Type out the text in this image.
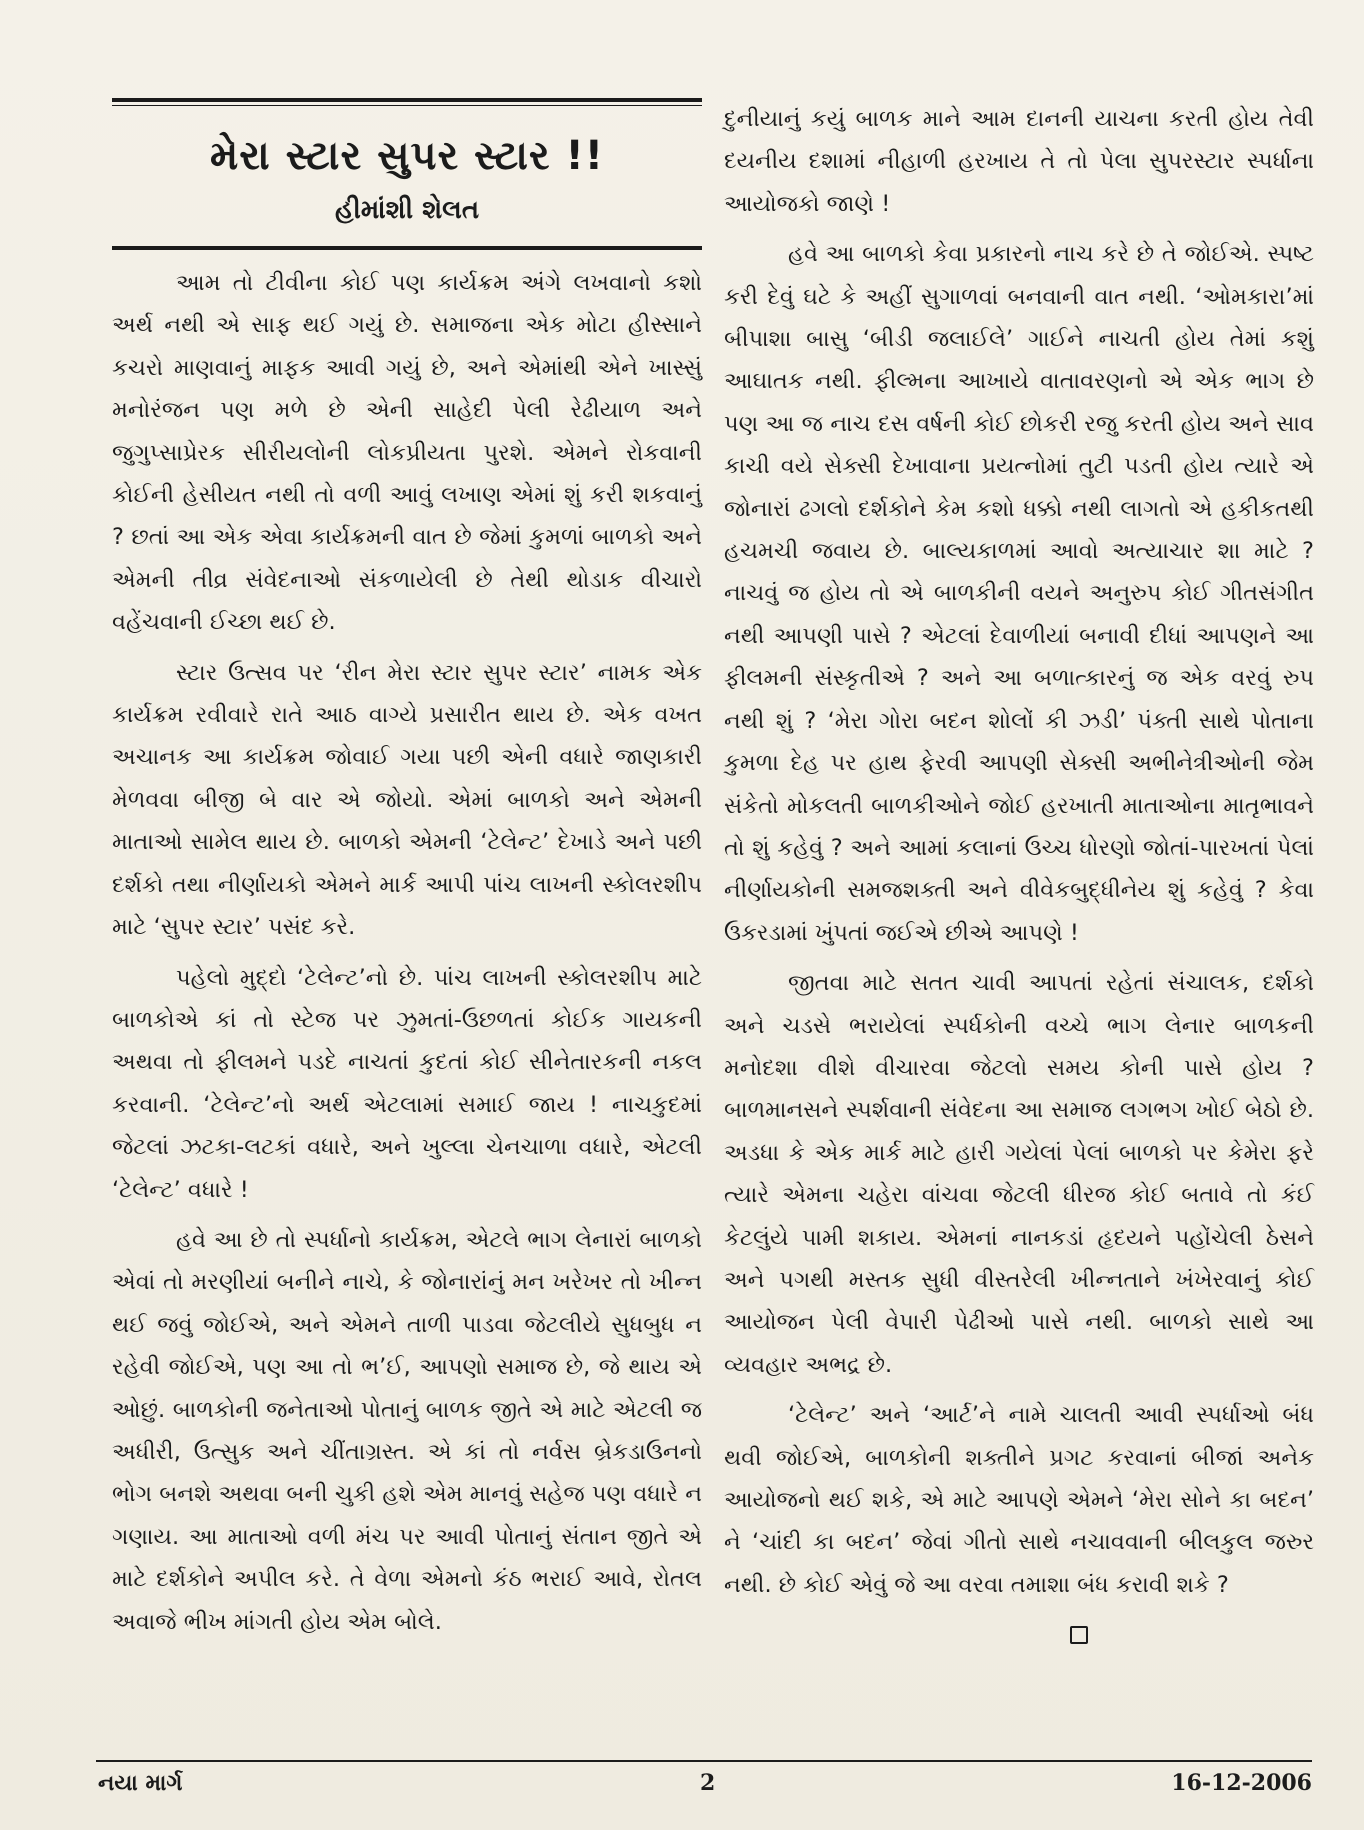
મેરા સ્ટાર સુપર સ્ટાર !!
હીમાંશી શેલત

આમ તો ટીવીના કોઈ પણ કાર્યક્રમ અંગે લખવાનો કશો અર્થ નથી એ સાફ થઈ ગયું છે. સમાજના એક મોટા હીસ્સાને કચરો માણવાનું માફક આવી ગયું છે, અને એમાંથી એને ખાસ્સું મનોરંજન પણ મળે છે એની સાહેદી પેલી રેઢીયાળ અને જુગુપ્સાપ્રેરક સીરીયલોની લોકપ્રીયતા પુરશે. એમને રોકવાની કોઈની હેસીયત નથી તો વળી આવું લખાણ એમાં શું કરી શકવાનું ? છતાં આ એક એવા કાર્યક્રમની વાત છે જેમાં કુમળાં બાળકો અને એમની તીવ્ર સંવેદનાઓ સંકળાયેલી છે તેથી થોડાક વીચારો વહેંચવાની ઈચ્છા થઈ છે.

સ્ટાર ઉત્સવ પર ‘રીન મેરા સ્ટાર સુપર સ્ટાર’ નામક એક કાર્યક્રમ રવીવારે રાતે આઠ વાગ્યે પ્રસારીત થાય છે. એક વખત અચાનક આ કાર્યક્રમ જોવાઈ ગયા પછી એની વધારે જાણકારી મેળવવા બીજી બે વાર એ જોયો. એમાં બાળકો અને એમની માતાઓ સામેલ થાય છે. બાળકો એમની ‘ટેલેન્ટ’ દેખાડે અને પછી દર્શકો તથા નીર્ણાયકો એમને માર્ક આપી પાંચ લાખની સ્કોલરશીપ માટે ‘સુપર સ્ટાર’ પસંદ કરે.

પહેલો મુદ્દો ‘ટેલેન્ટ’નો છે. પાંચ લાખની સ્કોલરશીપ માટે બાળકોએ કાં તો સ્ટેજ પર ઝુમતાં-ઉછળતાં કોઈક ગાયકની અથવા તો ફીલમને પડદે નાચતાં કુદતાં કોઈ સીનેતારકની નકલ કરવાની. ‘ટેલેન્ટ’નો અર્થ એટલામાં સમાઈ જાય ! નાચકુદમાં જેટલાં ઝટકા-લટકાં વધારે, અને ખુલ્લા ચેનચાળા વધારે, એટલી ‘ટેલેન્ટ’ વધારે !

હવે આ છે તો સ્પર્ધાનો કાર્યક્રમ, એટલે ભાગ લેનારાં બાળકો એવાં તો મરણીયાં બનીને નાચે, કે જોનારાંનું મન ખરેખર તો ખીન્ન થઈ જવું જોઈએ, અને એમને તાળી પાડવા જેટલીયે સુધબુધ ન રહેવી જોઈએ, પણ આ તો ભ’ઈ, આપણો સમાજ છે, જે થાય એ ઓછું. બાળકોની જનેતાઓ પોતાનું બાળક જીતે એ માટે એટલી જ અધીરી, ઉત્સુક અને ચીંતાગ્રસ્ત. એ કાં તો નર્વસ બ્રેકડાઉનનો ભોગ બનશે અથવા બની ચુકી હશે એમ માનવું સહેજ પણ વધારે ન ગણાય. આ માતાઓ વળી મંચ પર આવી પોતાનું સંતાન જીતે એ માટે દર્શકોને અપીલ કરે. તે વેળા એમનો કંઠ ભરાઈ આવે, રોતલ અવાજે ભીખ માંગતી હોય એમ બોલે.

દુનીયાનું કયું બાળક માને આમ દાનની યાચના કરતી હોય તેવી દયનીય દશામાં નીહાળી હરખાય તે તો પેલા સુપરસ્ટાર સ્પર્ધાના આયોજકો જાણે !

હવે આ બાળકો કેવા પ્રકારનો નાચ કરે છે તે જોઈએ. સ્પષ્ટ કરી દેવું ઘટે કે અહીં સુગાળવાં બનવાની વાત નથી. ‘ઓમકારા’માં બીપાશા બાસુ ‘બીડી જલાઈલે’ ગાઈને નાચતી હોય તેમાં કશું આઘાતક નથી. ફીલ્મના આખાયે વાતાવરણનો એ એક ભાગ છે પણ આ જ નાચ દસ વર્ષની કોઈ છોકરી રજુ કરતી હોય અને સાવ કાચી વયે સેક્સી દેખાવાના પ્રયત્નોમાં તુટી પડતી હોય ત્યારે એ જોનારાં ઢગલો દર્શકોને કેમ કશો ધક્કો નથી લાગતો એ હકીકતથી હચમચી જવાય છે. બાલ્યકાળમાં આવો અત્યાચાર શા માટે ? નાચવું જ હોય તો એ બાળકીની વયને અનુરુપ કોઈ ગીતસંગીત નથી આપણી પાસે ? એટલાં દેવાળીયાં બનાવી દીધાં આપણને આ ફીલમની સંસ્કૃતીએ ? અને આ બળાત્કારનું જ એક વરવું રુપ નથી શું ? ‘મેરા ગોરા બદન શોલોં કી ઝડી’ પંક્તી સાથે પોતાના કુમળા દેહ પર હાથ ફેરવી આપણી સેક્સી અભીનેત્રીઓની જેમ સંકેતો મોકલતી બાળકીઓને જોઈ હરખાતી માતાઓના માતૃભાવને તો શું કહેવું ? અને આમાં કલાનાં ઉચ્ચ ધોરણો જોતાં-પારખતાં પેલાં નીર્ણાયકોની સમજશક્તી અને વીવેકબુદ્ધીનેય શું કહેવું ? કેવા ઉકરડામાં ખુંપતાં જઈએ છીએ આપણે !

જીતવા માટે સતત ચાવી આપતાં રહેતાં સંચાલક, દર્શકો અને ચડસે ભરાયેલાં સ્પર્ધકોની વચ્ચે ભાગ લેનાર બાળકની મનોદશા વીશે વીચારવા જેટલો સમય કોની પાસે હોય ? બાળમાનસને સ્પર્શવાની સંવેદના આ સમાજ લગભગ ખોઈ બેઠો છે. અડધા કે એક માર્ક માટે હારી ગયેલાં પેલાં બાળકો પર કેમેરા ફરે ત્યારે એમના ચહેરા વાંચવા જેટલી ધીરજ કોઈ બતાવે તો કંઈ કેટલુંયે પામી શકાય. એમનાં નાનકડાં હૃદયને પહોંચેલી ઠેસને અને પગથી મસ્તક સુધી વીસ્તરેલી ખીન્નતાને ખંખેરવાનું કોઈ આયોજન પેલી વેપારી પેઢીઓ પાસે નથી. બાળકો સાથે આ વ્યવહાર અભદ્ર છે.

‘ટેલેન્ટ’ અને ‘આર્ટ’ને નામે ચાલતી આવી સ્પર્ધાઓ બંધ થવી જોઈએ, બાળકોની શક્તીને પ્રગટ કરવાનાં બીજાં અનેક આયોજનો થઈ શકે, એ માટે આપણે એમને ‘મેરા સોને કા બદન’ ને ‘ચાંદી કા બદન’ જેવાં ગીતો સાથે નચાવવાની બીલકુલ જરુર નથી. છે કોઈ એવું જે આ વરવા તમાશા બંધ કરાવી શકે ?

નયા માર્ગ	2	16-12-2006
